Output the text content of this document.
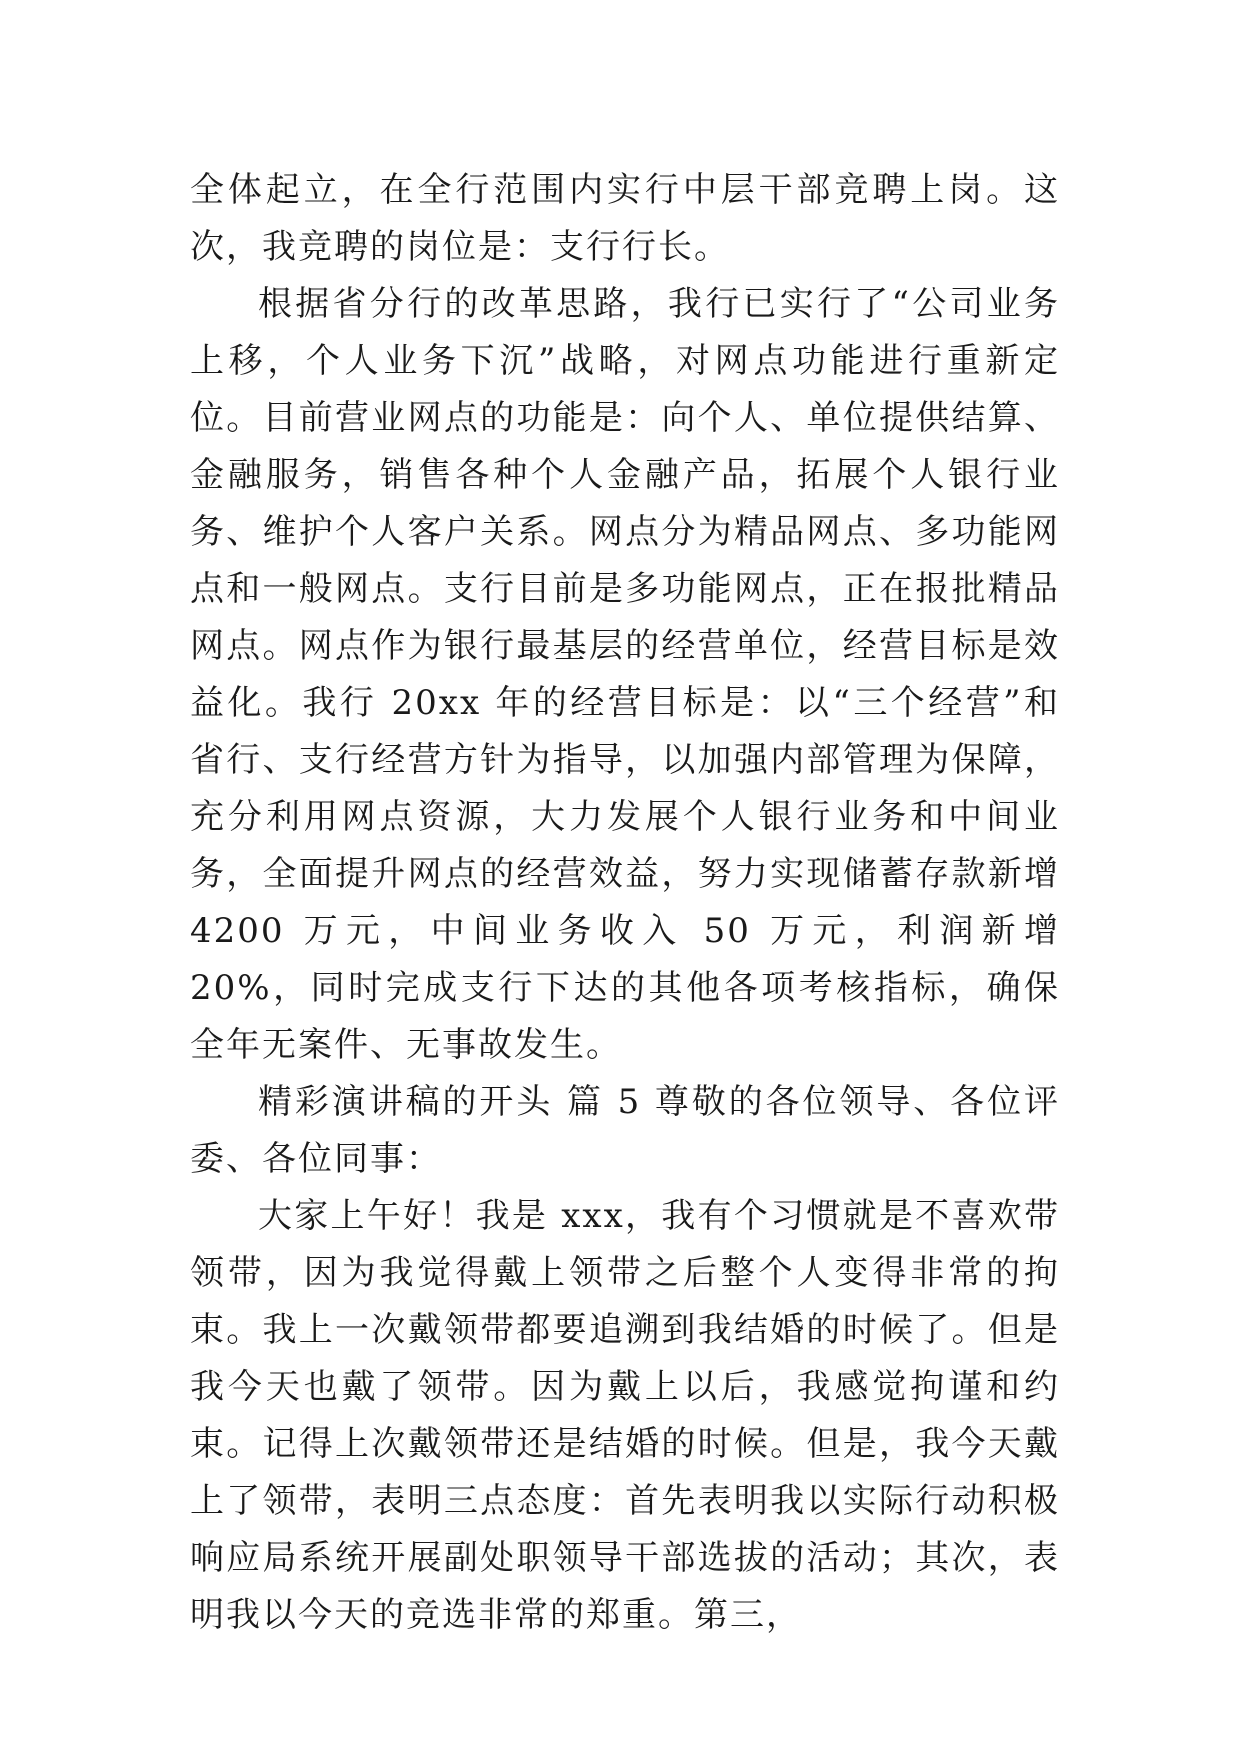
全体起立，在全行范围内实行中层干部竞聘上岗。这次，我竞聘的岗位是：支行行长。

根据省分行的改革思路，我行已实行了“公司业务上移，个人业务下沉”战略，对网点功能进行重新定位。目前营业网点的功能是：向个人、单位提供结算、金融服务，销售各种个人金融产品，拓展个人银行业务、维护个人客户关系。网点分为精品网点、多功能网点和一般网点。支行目前是多功能网点，正在报批精品网点。网点作为银行最基层的经营单位，经营目标是效益化。我行 20xx 年的经营目标是：以“三个经营”和省行、支行经营方针为指导，以加强内部管理为保障，充分利用网点资源，大力发展个人银行业务和中间业务，全面提升网点的经营效益，努力实现储蓄存款新增 4200 万元，中间业务收入 50 万元，利润新增 20%，同时完成支行下达的其他各项考核指标，确保全年无案件、无事故发生。

精彩演讲稿的开头 篇 5 尊敬的各位领导、各位评委、各位同事：

大家上午好！我是 xxx，我有个习惯就是不喜欢带领带，因为我觉得戴上领带之后整个人变得非常的拘束。我上一次戴领带都要追溯到我结婚的时候了。但是我今天也戴了领带。因为戴上以后，我感觉拘谨和约束。记得上次戴领带还是结婚的时候。但是，我今天戴上了领带，表明三点态度：首先表明我以实际行动积极响应局系统开展副处职领导干部选拔的活动；其次，表明我以今天的竞选非常的郑重。第三，
